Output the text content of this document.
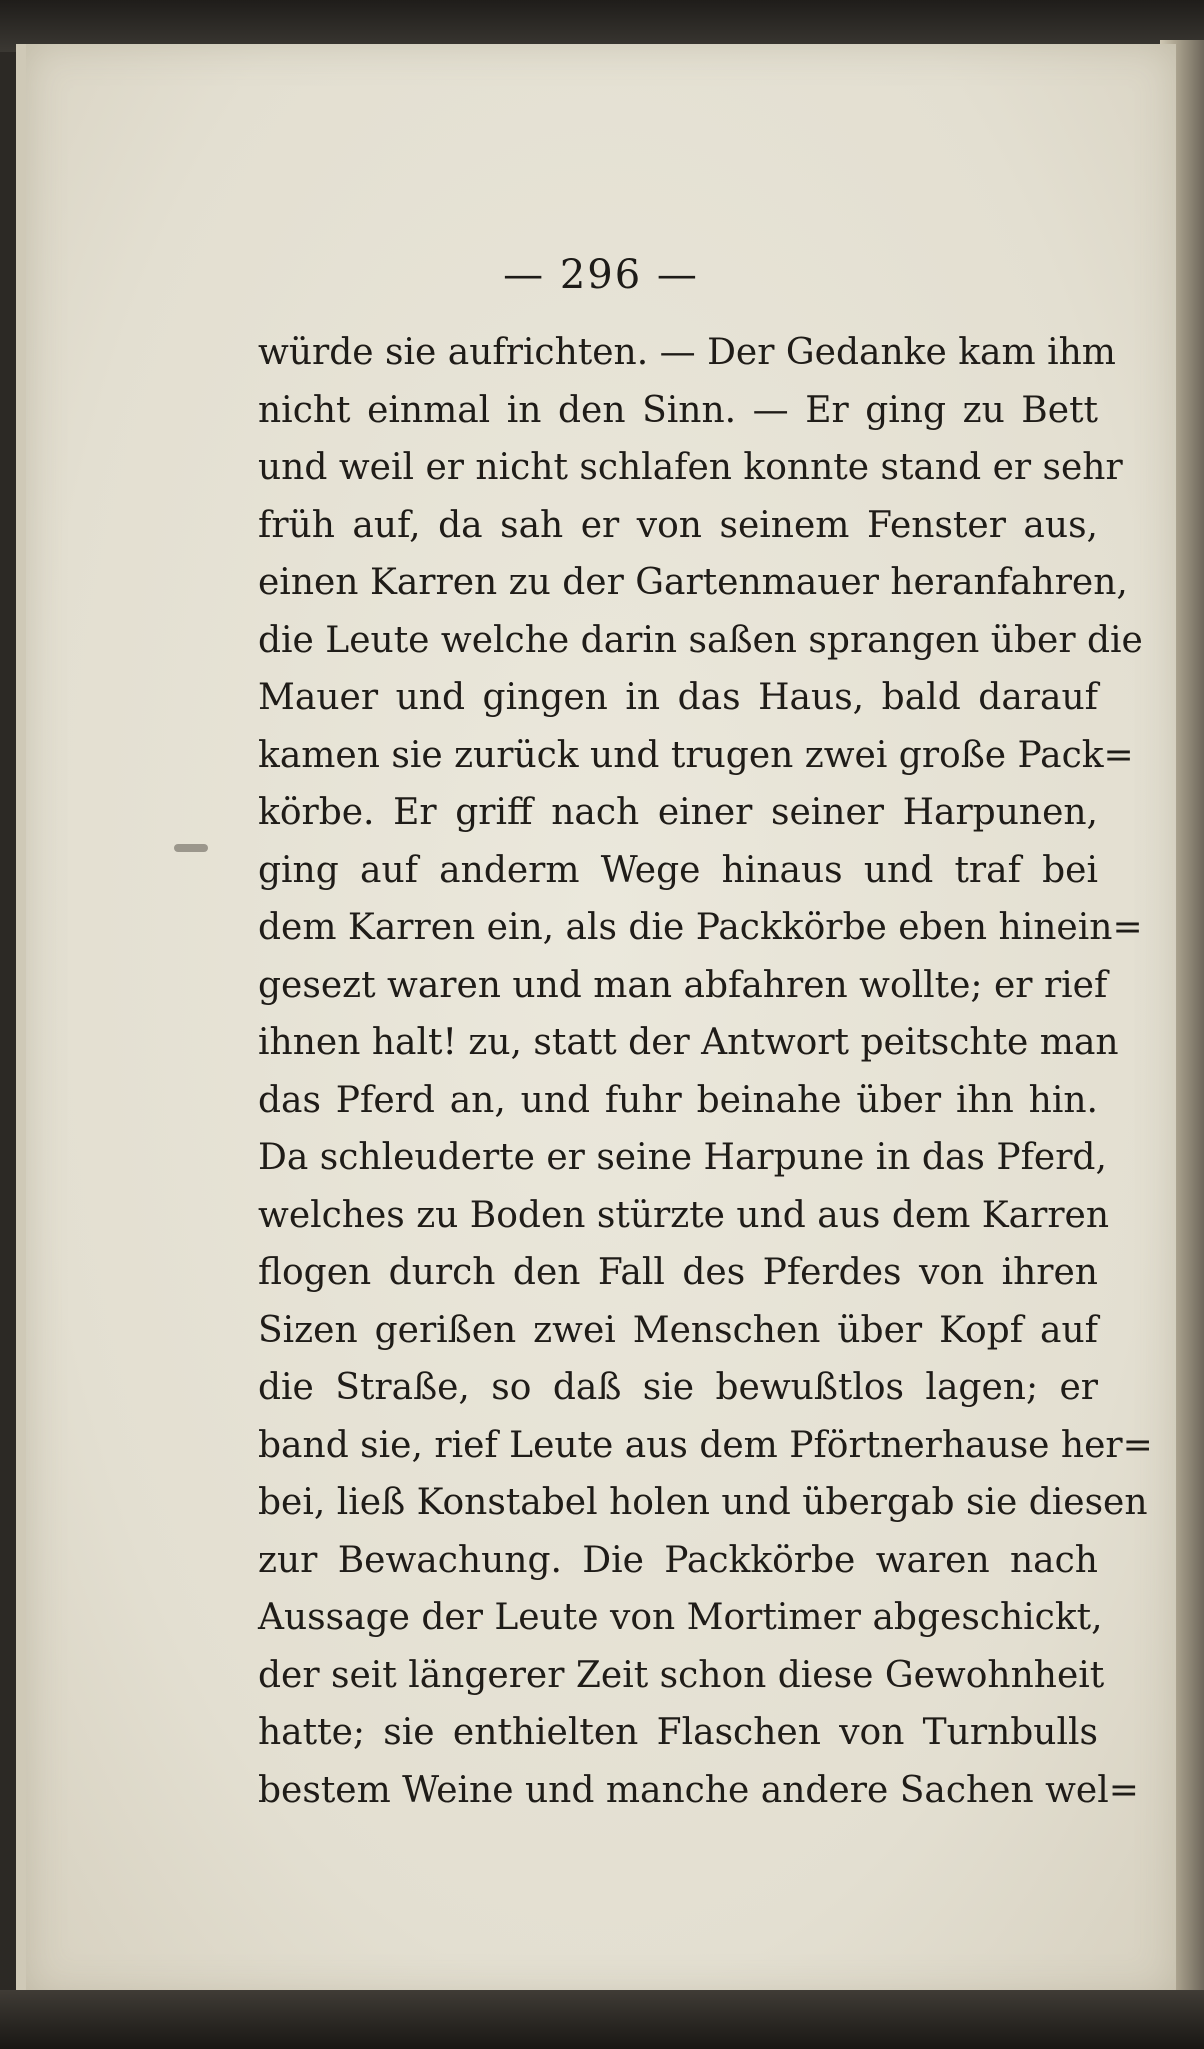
— 296 —
würde sie aufrichten. — Der Gedanke kam ihm
nicht einmal in den Sinn. — Er ging zu Bett
und weil er nicht schlafen konnte stand er sehr
früh auf, da sah er von seinem Fenster aus,
einen Karren zu der Gartenmauer heranfahren,
die Leute welche darin saßen sprangen über die
Mauer und gingen in das Haus, bald darauf
kamen sie zurück und trugen zwei große Pack=
körbe. Er griff nach einer seiner Harpunen,
ging auf anderm Wege hinaus und traf bei
dem Karren ein, als die Packkörbe eben hinein=
gesezt waren und man abfahren wollte; er rief
ihnen halt! zu, statt der Antwort peitschte man
das Pferd an, und fuhr beinahe über ihn hin.
Da schleuderte er seine Harpune in das Pferd,
welches zu Boden stürzte und aus dem Karren
flogen durch den Fall des Pferdes von ihren
Sizen gerißen zwei Menschen über Kopf auf
die Straße, so daß sie bewußtlos lagen; er
band sie, rief Leute aus dem Pförtnerhause her=
bei, ließ Konstabel holen und übergab sie diesen
zur Bewachung. Die Packkörbe waren nach
Aussage der Leute von Mortimer abgeschickt,
der seit längerer Zeit schon diese Gewohnheit
hatte; sie enthielten Flaschen von Turnbulls
bestem Weine und manche andere Sachen wel=
